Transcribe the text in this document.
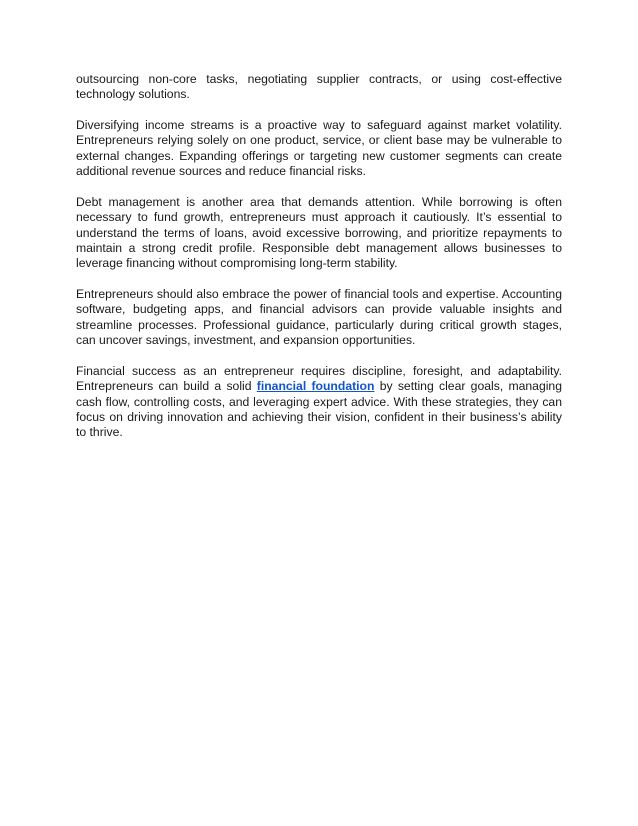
outsourcing non-core tasks, negotiating supplier contracts, or using cost-effective technology solutions.

Diversifying income streams is a proactive way to safeguard against market volatility. Entrepreneurs relying solely on one product, service, or client base may be vulnerable to external changes. Expanding offerings or targeting new customer segments can create additional revenue sources and reduce financial risks.

Debt management is another area that demands attention. While borrowing is often necessary to fund growth, entrepreneurs must approach it cautiously. It’s essential to understand the terms of loans, avoid excessive borrowing, and prioritize repayments to maintain a strong credit profile. Responsible debt management allows businesses to leverage financing without compromising long-term stability.

Entrepreneurs should also embrace the power of financial tools and expertise. Accounting software, budgeting apps, and financial advisors can provide valuable insights and streamline processes. Professional guidance, particularly during critical growth stages, can uncover savings, investment, and expansion opportunities.

Financial success as an entrepreneur requires discipline, foresight, and adaptability. Entrepreneurs can build a solid financial foundation by setting clear goals, managing cash flow, controlling costs, and leveraging expert advice. With these strategies, they can focus on driving innovation and achieving their vision, confident in their business’s ability to thrive.
